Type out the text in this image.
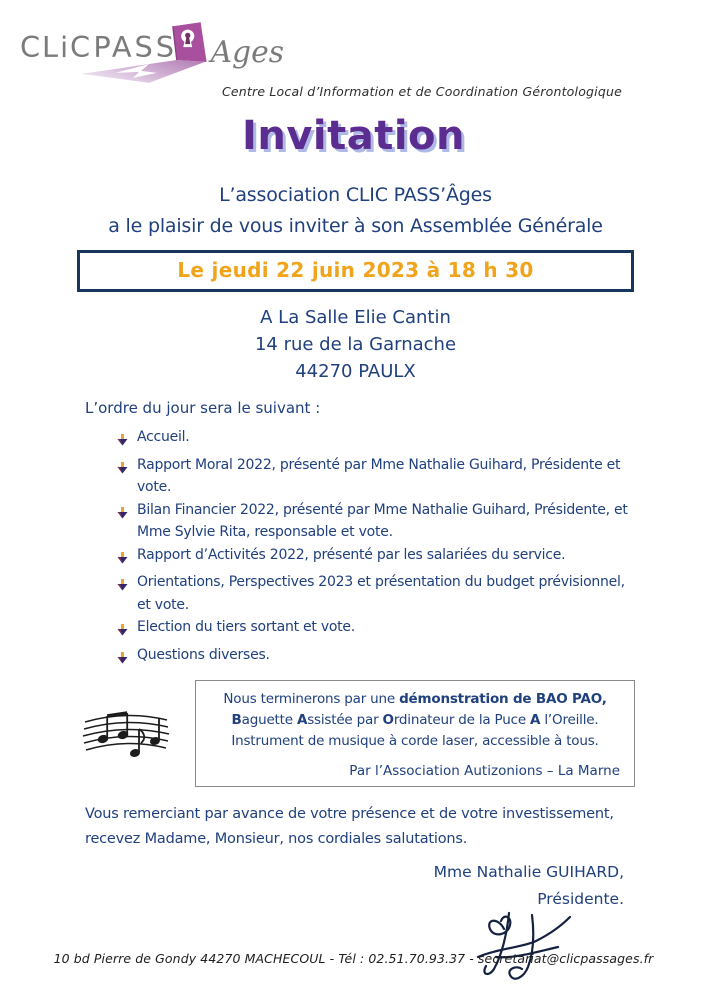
CLiC PASS Ages
Centre Local d’Information et de Coordination Gérontologique
Invitation

L’association CLIC PASS’Âges

a le plaisir de vous inviter à son Assemblée Générale

Le jeudi 22 juin 2023 à 18 h 30

A La Salle Elie Cantin

14 rue de la Garnache

44270 PAULX

L’ordre du jour sera le suivant :

Accueil.
Rapport Moral 2022, présenté par Mme Nathalie Guihard, Présidente et vote.
Bilan Financier 2022, présenté par Mme Nathalie Guihard, Présidente, et Mme Sylvie Rita, responsable et vote.
Rapport d’Activités 2022, présenté par les salariées du service.
Orientations, Perspectives 2023 et présentation du budget prévisionnel, et vote.
Election du tiers sortant et vote.
Questions diverses.

Nous terminerons par une démonstration de BAO PAO,

Baguette Assistée par Ordinateur de la Puce A l’Oreille.

Instrument de musique à corde laser, accessible à tous.

Par l’Association Autizonions – La Marne

Vous remerciant par avance de votre présence et de votre investissement, recevez Madame, Monsieur, nos cordiales salutations.

Mme Nathalie GUIHARD,

Présidente.

10 bd Pierre de Gondy 44270 MACHECOUL - Tél : 02.51.70.93.37 - secretariat@clicpassages.fr
